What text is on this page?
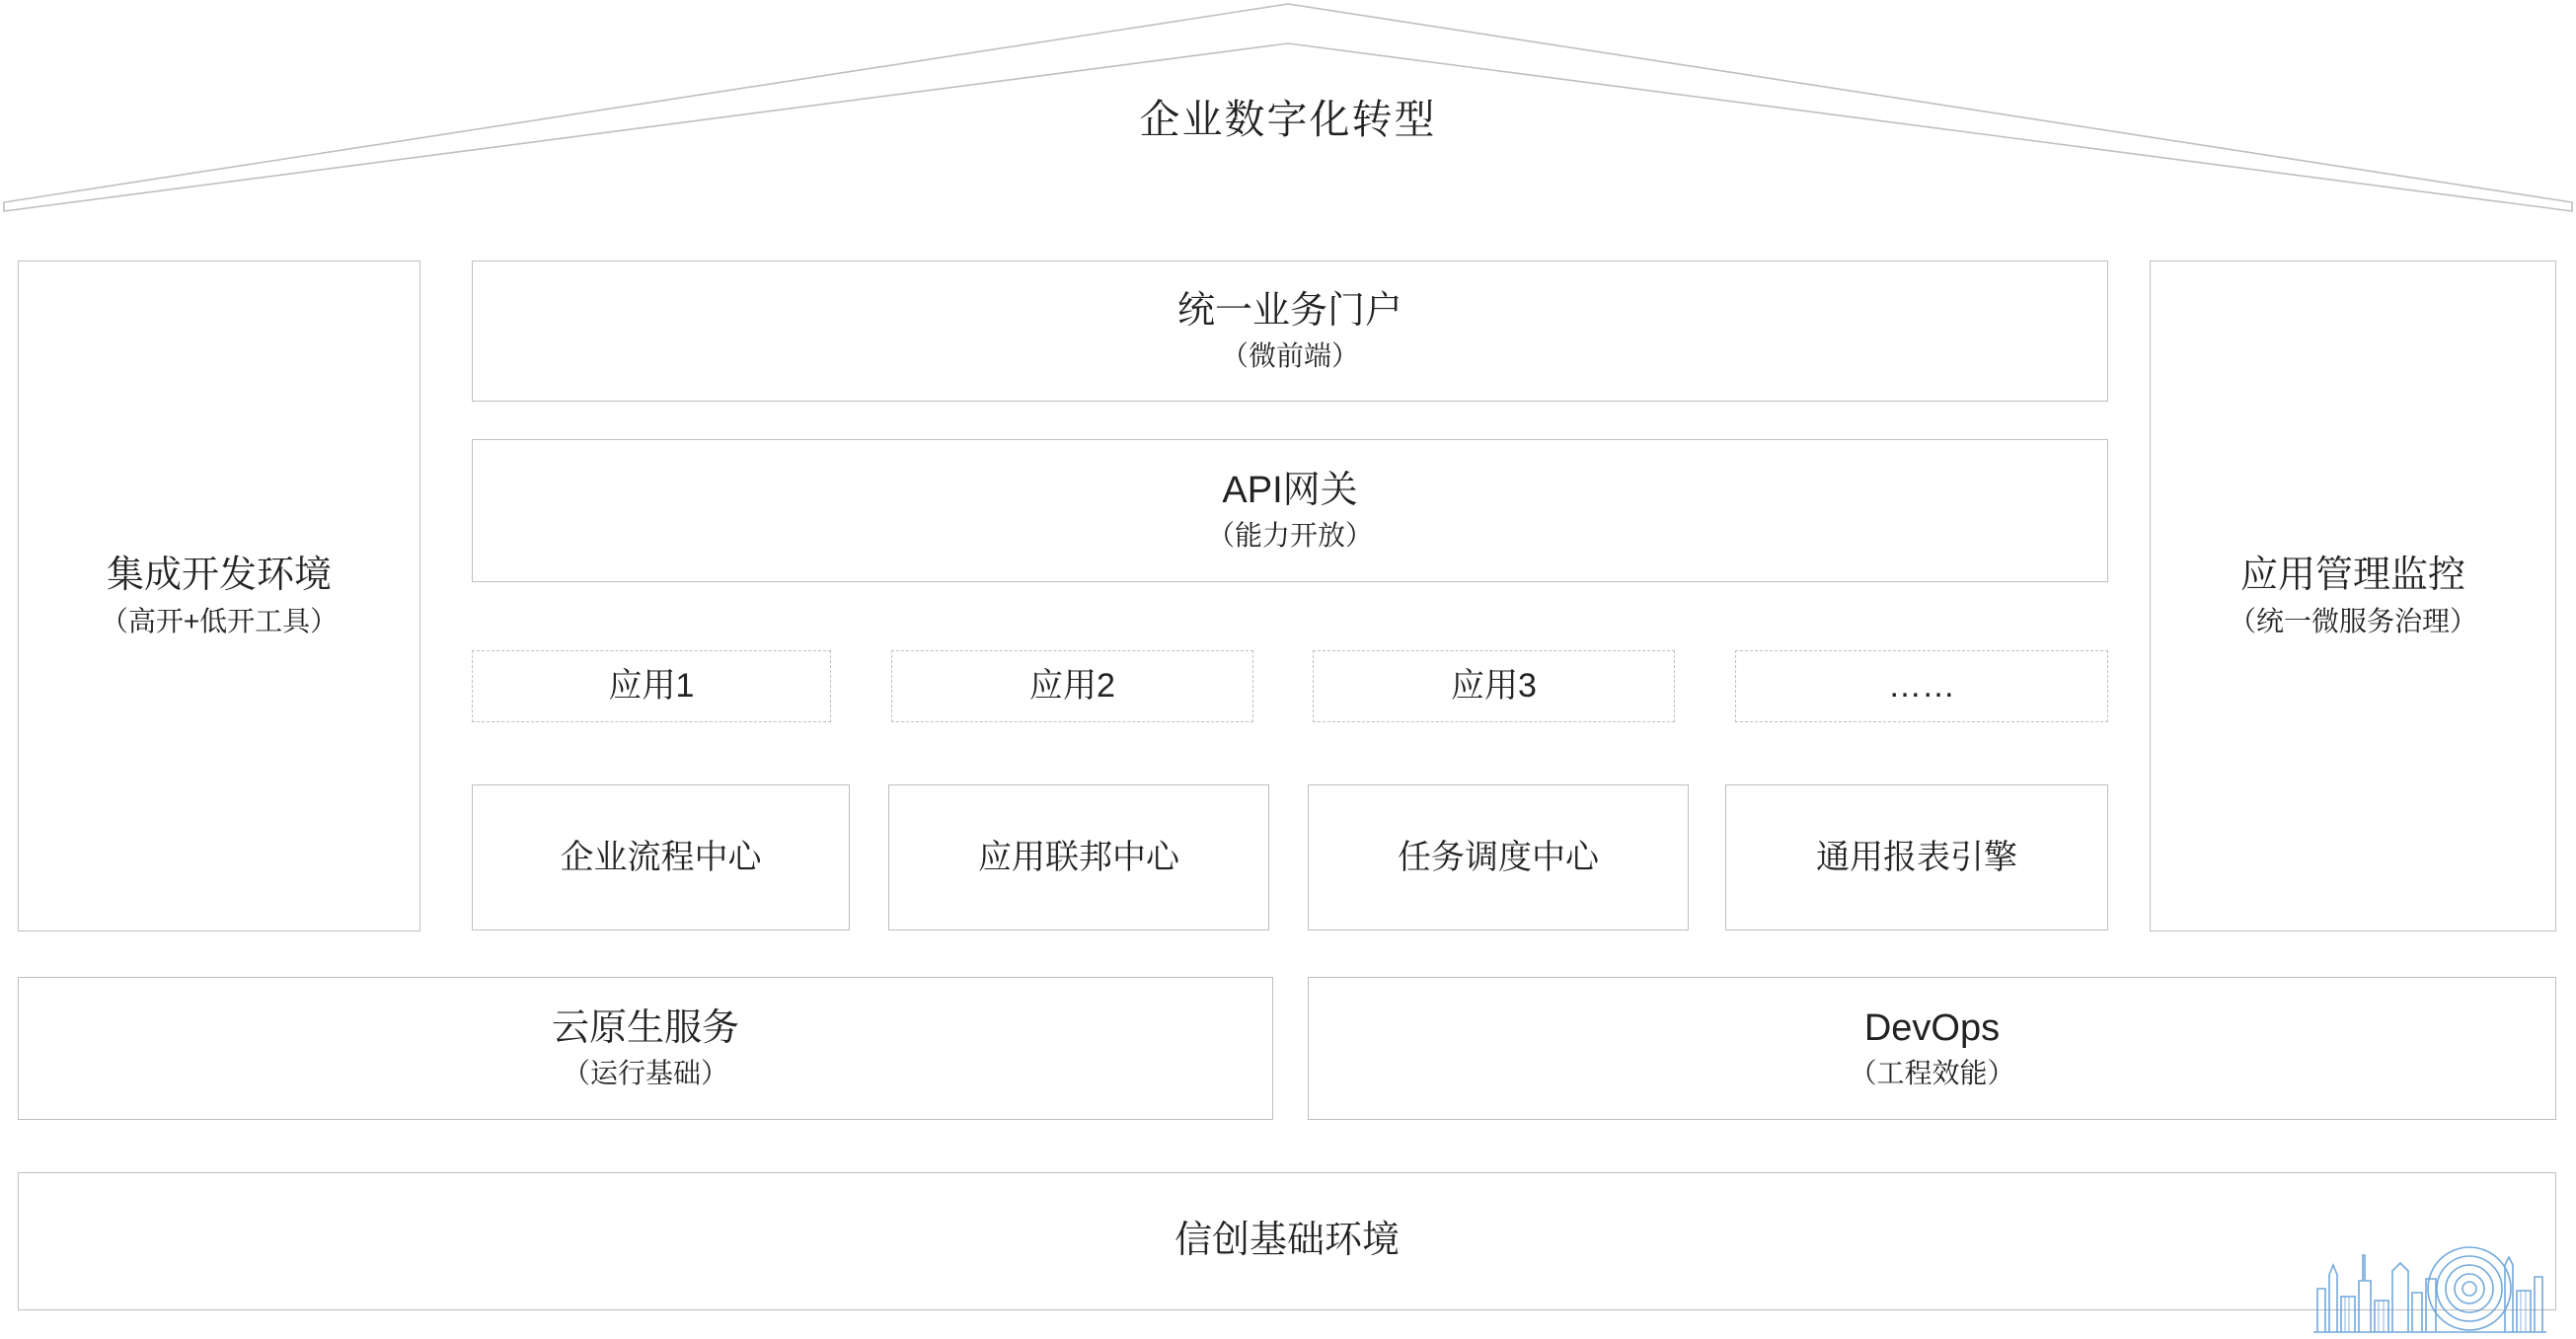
企业数字化转型
集成开发环境
（高开+低开工具）
应用管理监控
（统一微服务治理）
统一业务门户
（微前端）
API网关
（能力开放）
应用1	应用2	应用3	……
企业流程中心	应用联邦中心	任务调度中心	通用报表引擎
云原生服务
（运行基础）
DevOps
（工程效能）
信创基础环境
